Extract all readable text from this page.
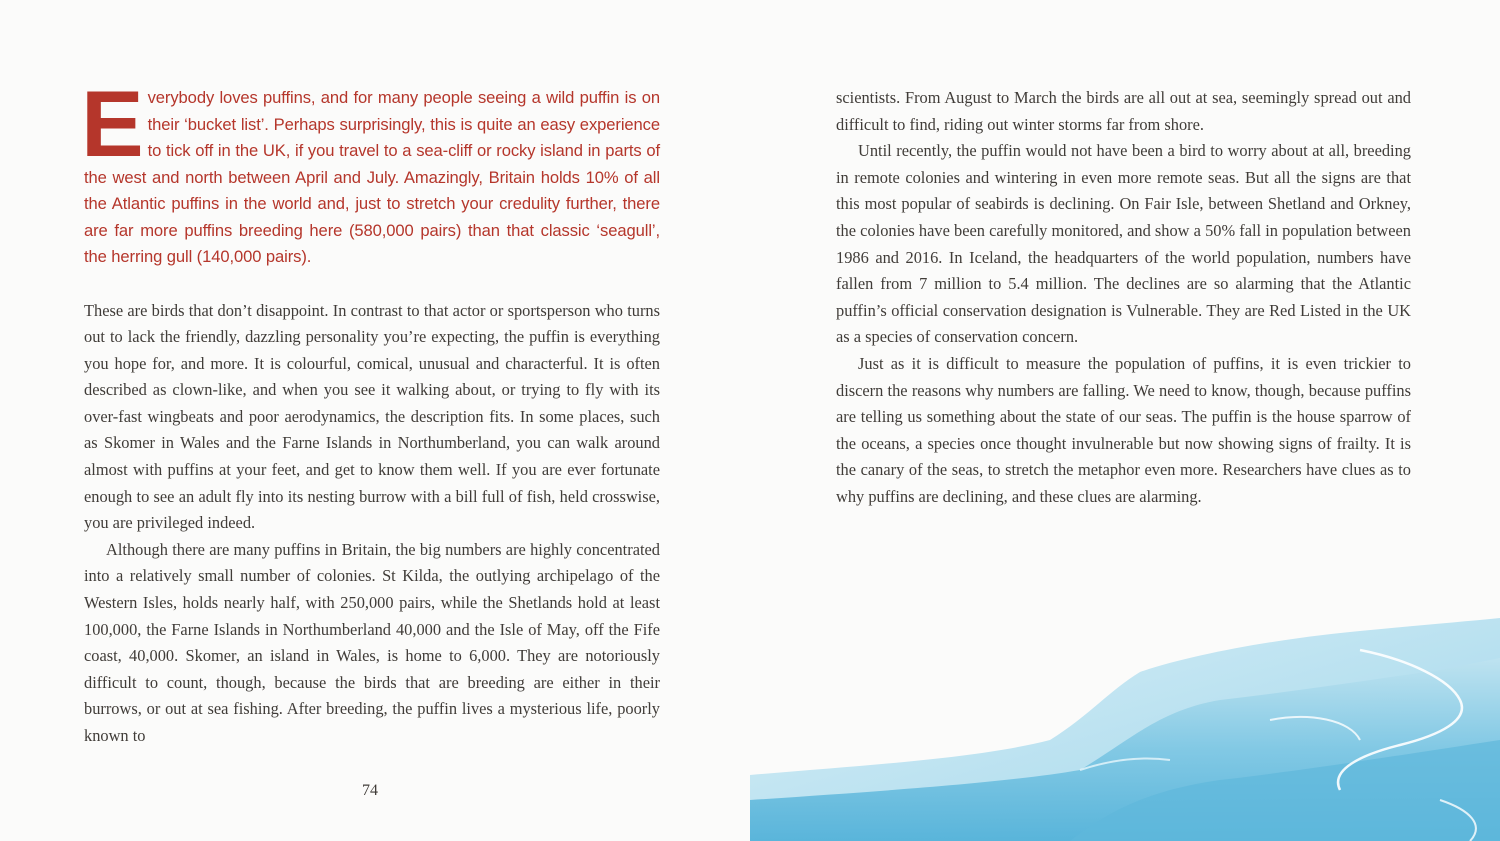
E verybody loves puffins, and for many people seeing a wild puffin is on their ‘bucket list’. Perhaps surprisingly, this is quite an easy experience to tick off in the UK, if you travel to a sea-cliff or rocky island in parts of the west and north between April and July. Amazingly, Britain holds 10% of all the Atlantic puffins in the world and, just to stretch your credulity further, there are far more puffins breeding here (580,000 pairs) than that classic ‘seagull’, the herring gull (140,000 pairs).

These are birds that don’t disappoint. In contrast to that actor or sportsperson who turns out to lack the friendly, dazzling personality you’re expecting, the puffin is everything you hope for, and more. It is colourful, comical, unusual and characterful. It is often described as clown-like, and when you see it walking about, or trying to fly with its over-fast wingbeats and poor aerodynamics, the description fits. In some places, such as Skomer in Wales and the Farne Islands in Northumberland, you can walk around almost with puffins at your feet, and get to know them well. If you are ever fortunate enough to see an adult fly into its nesting burrow with a bill full of fish, held crosswise, you are privileged indeed.

Although there are many puffins in Britain, the big numbers are highly concentrated into a relatively small number of colonies. St Kilda, the outlying archipelago of the Western Isles, holds nearly half, with 250,000 pairs, while the Shetlands hold at least 100,000, the Farne Islands in Northumberland 40,000 and the Isle of May, off the Fife coast, 40,000. Skomer, an island in Wales, is home to 6,000. They are notoriously difficult to count, though, because the birds that are breeding are either in their burrows, or out at sea fishing. After breeding, the puffin lives a mysterious life, poorly known to

74

scientists. From August to March the birds are all out at sea, seemingly spread out and difficult to find, riding out winter storms far from shore.

Until recently, the puffin would not have been a bird to worry about at all, breeding in remote colonies and wintering in even more remote seas. But all the signs are that this most popular of seabirds is declining. On Fair Isle, between Shetland and Orkney, the colonies have been carefully monitored, and show a 50% fall in population between 1986 and 2016. In Iceland, the headquarters of the world population, numbers have fallen from 7 million to 5.4 million. The declines are so alarming that the Atlantic puffin’s official conservation designation is Vulnerable. They are Red Listed in the UK as a species of conservation concern.

Just as it is difficult to measure the population of puffins, it is even trickier to discern the reasons why numbers are falling. We need to know, though, because puffins are telling us something about the state of our seas. The puffin is the house sparrow of the oceans, a species once thought invulnerable but now showing signs of frailty. It is the canary of the seas, to stretch the metaphor even more. Researchers have clues as to why puffins are declining, and these clues are alarming.
